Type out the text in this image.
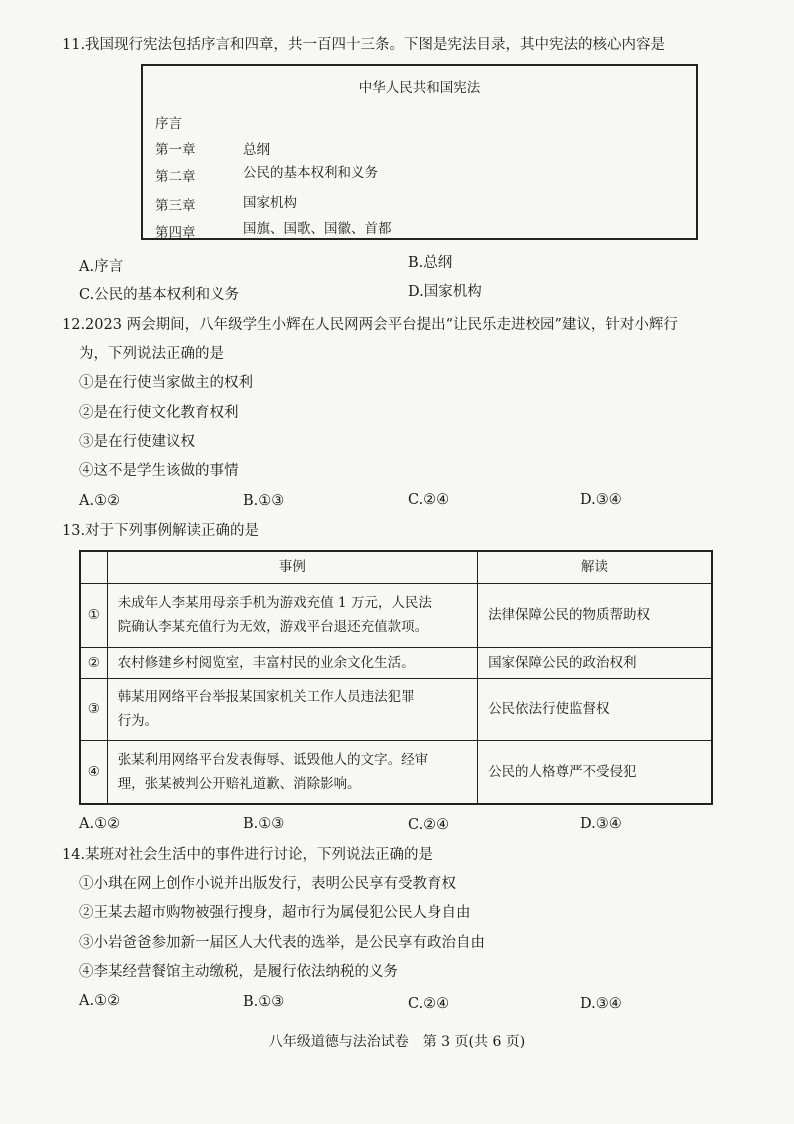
11.我国现行宪法包括序言和四章，共一百四十三条。下图是宪法目录，其中宪法的核心内容是
中华人民共和国宪法
序言
第一章	总纲
第二章	公民的基本权利和义务
第三章	国家机构
第四章	国旗、国歌、国徽、首都
A.序言	B.总纲
C.公民的基本权利和义务	D.国家机构
12.2023 两会期间，八年级学生小辉在人民网两会平台提出“让民乐走进校园”建议，针对小辉行
为，下列说法正确的是
①是在行使当家做主的权利
②是在行使文化教育权利
③是在行使建议权
④这不是学生该做的事情
A.①②	B.①③	C.②④	D.③④
13.对于下列事例解读正确的是
	事例	解读
①	未成年人李某用母亲手机为游戏充值 1 万元，人民法
院确认李某充值行为无效，游戏平台退还充值款项。	法律保障公民的物质帮助权
②	农村修建乡村阅览室，丰富村民的业余文化生活。	国家保障公民的政治权利
③	韩某用网络平台举报某国家机关工作人员违法犯罪
行为。	公民依法行使监督权
④	张某利用网络平台发表侮辱、诋毁他人的文字。经审
理，张某被判公开赔礼道歉、消除影响。	公民的人格尊严不受侵犯
A.①②	B.①③	C.②④	D.③④
14.某班对社会生活中的事件进行讨论，下列说法正确的是
①小琪在网上创作小说并出版发行，表明公民享有受教育权
②王某去超市购物被强行搜身，超市行为属侵犯公民人身自由
③小岩爸爸参加新一届区人大代表的选举，是公民享有政治自由
④李某经营餐馆主动缴税，是履行依法纳税的义务
A.①②	B.①③	C.②④	D.③④
八年级道德与法治试卷　第 3 页(共 6 页)
